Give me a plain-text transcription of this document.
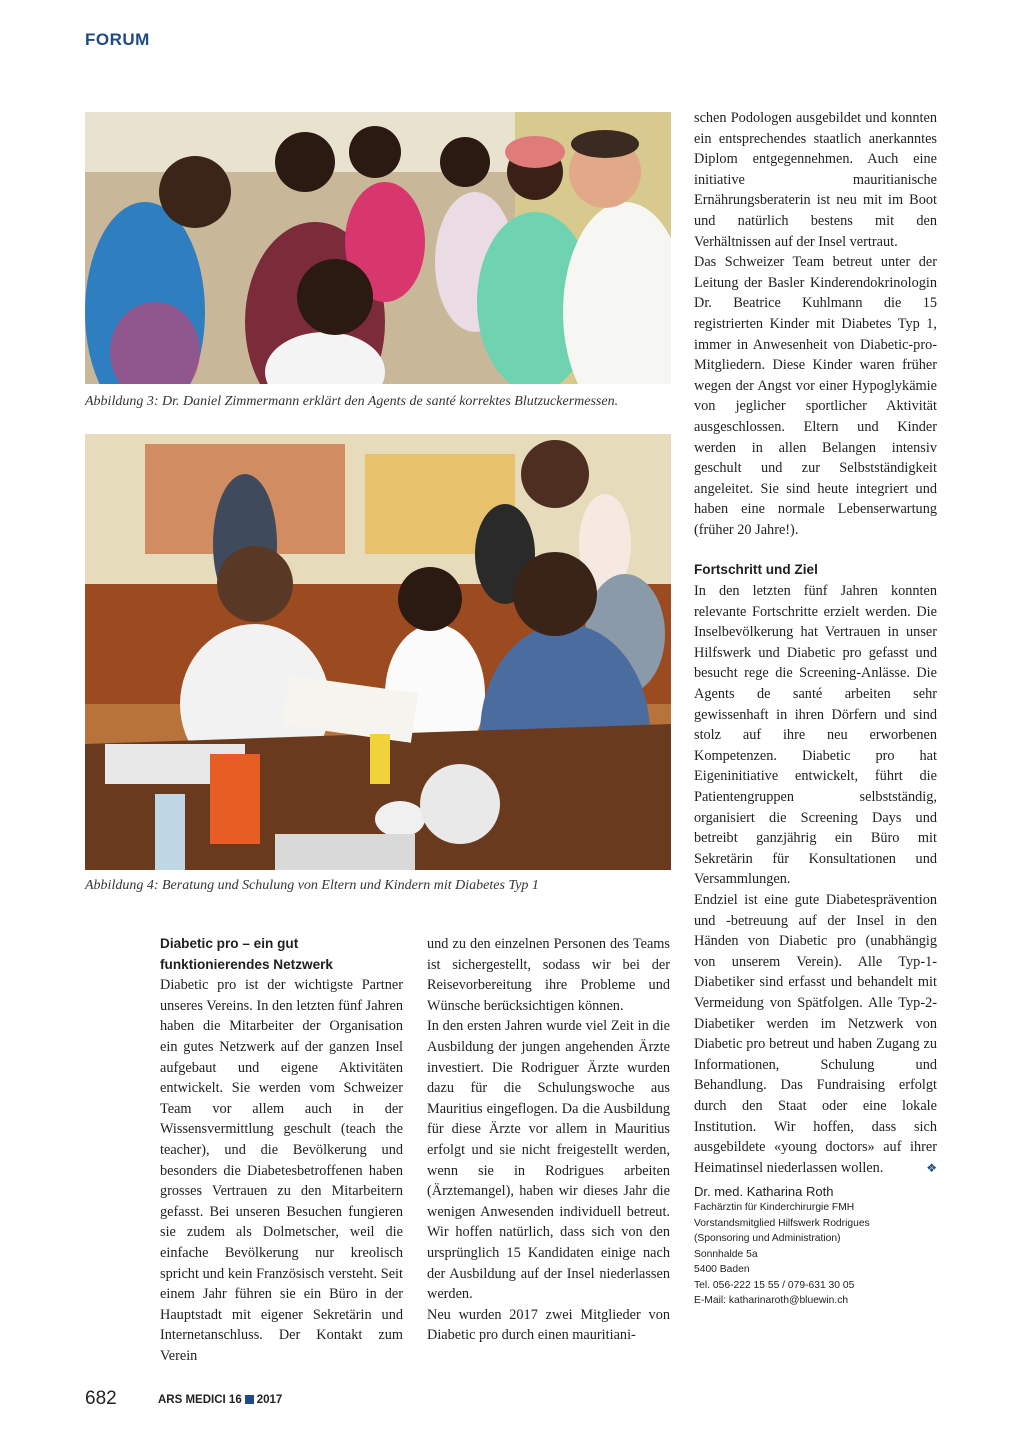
FORUM
Abbildung 3: Dr. Daniel Zimmermann erklärt den Agents de santé korrektes Blutzuckermessen.
Abbildung 4: Beratung und Schulung von Eltern und Kindern mit Diabetes Typ 1
Diabetic pro – ein gut funktionierendes Netzwerk

Diabetic pro ist der wichtigste Partner unseres Vereins. In den letzten fünf Jahren haben die Mitarbeiter der Organisation ein gutes Netzwerk auf der ganzen Insel aufgebaut und eigene Aktivitäten entwickelt. Sie werden vom Schweizer Team vor allem auch in der Wissensvermittlung geschult (teach the teacher), und die Bevölkerung und besonders die Diabetesbetroffenen haben grosses Vertrauen zu den Mitarbeitern gefasst. Bei unseren Besuchen fungieren sie zudem als Dolmetscher, weil die einfache Bevölkerung nur kreolisch spricht und kein Französisch versteht. Seit einem Jahr führen sie ein Büro in der Hauptstadt mit eigener Sekretärin und Internetanschluss. Der Kontakt zum Verein

und zu den einzelnen Personen des Teams ist sichergestellt, sodass wir bei der Reisevorbereitung ihre Probleme und Wünsche berücksichtigen können.

In den ersten Jahren wurde viel Zeit in die Ausbildung der jungen angehenden Ärzte investiert. Die Rodriguer Ärzte wurden dazu für die Schulungswoche aus Mauritius eingeflogen. Da die Ausbildung für diese Ärzte vor allem in Mauritius erfolgt und sie nicht freigestellt werden, wenn sie in Rodrigues arbeiten (Ärztemangel), haben wir dieses Jahr die wenigen Anwesenden individuell betreut. Wir hoffen natürlich, dass sich von den ursprünglich 15 Kandidaten einige nach der Ausbildung auf der Insel niederlassen werden.

Neu wurden 2017 zwei Mitglieder von Diabetic pro durch einen mauritiani-

schen Podologen ausgebildet und konnten ein entsprechendes staatlich anerkanntes Diplom entgegennehmen. Auch eine initiative mauritianische Ernährungsberaterin ist neu mit im Boot und natürlich bestens mit den Verhältnissen auf der Insel vertraut.

Das Schweizer Team betreut unter der Leitung der Basler Kinderendokrinologin Dr. Beatrice Kuhlmann die 15 registrierten Kinder mit Diabetes Typ 1, immer in Anwesenheit von Diabetic-pro-Mitgliedern. Diese Kinder waren früher wegen der Angst vor einer Hypoglykämie von jeglicher sportlicher Aktivität ausgeschlossen. Eltern und Kinder werden in allen Belangen intensiv geschult und zur Selbstständigkeit angeleitet. Sie sind heute integriert und haben eine normale Lebenserwartung (früher 20 Jahre!).

Fortschritt und Ziel

In den letzten fünf Jahren konnten relevante Fortschritte erzielt werden. Die Inselbevölkerung hat Vertrauen in unser Hilfswerk und Diabetic pro gefasst und besucht rege die Screening-Anlässe. Die Agents de santé arbeiten sehr gewissenhaft in ihren Dörfern und sind stolz auf ihre neu erworbenen Kompetenzen. Diabetic pro hat Eigeninitiative entwickelt, führt die Patientengruppen selbstständig, organisiert die Screening Days und betreibt ganzjährig ein Büro mit Sekretärin für Konsultationen und Versammlungen.

Endziel ist eine gute Diabetesprävention und -betreuung auf der Insel in den Händen von Diabetic pro (unabhängig von unserem Verein). Alle Typ-1-Diabetiker sind erfasst und behandelt mit Vermeidung von Spätfolgen. Alle Typ-2-Diabetiker werden im Netzwerk von Diabetic pro betreut und haben Zugang zu Informationen, Schulung und Behandlung. Das Fundraising erfolgt durch den Staat oder eine lokale Institution. Wir hoffen, dass sich ausgebildete «young doctors» auf ihrer Heimatinsel niederlassen wollen.	❖

Dr. med. Katharina Roth
Fachärztin für Kinderchirurgie FMH
Vorstandsmitglied Hilfswerk Rodrigues
(Sponsoring und Administration)
Sonnhalde 5a
5400 Baden
Tel. 056-222 15 55 / 079-631 30 05
E-Mail: katharinaroth@bluewin.ch
682	ARS MEDICI 16 2017
